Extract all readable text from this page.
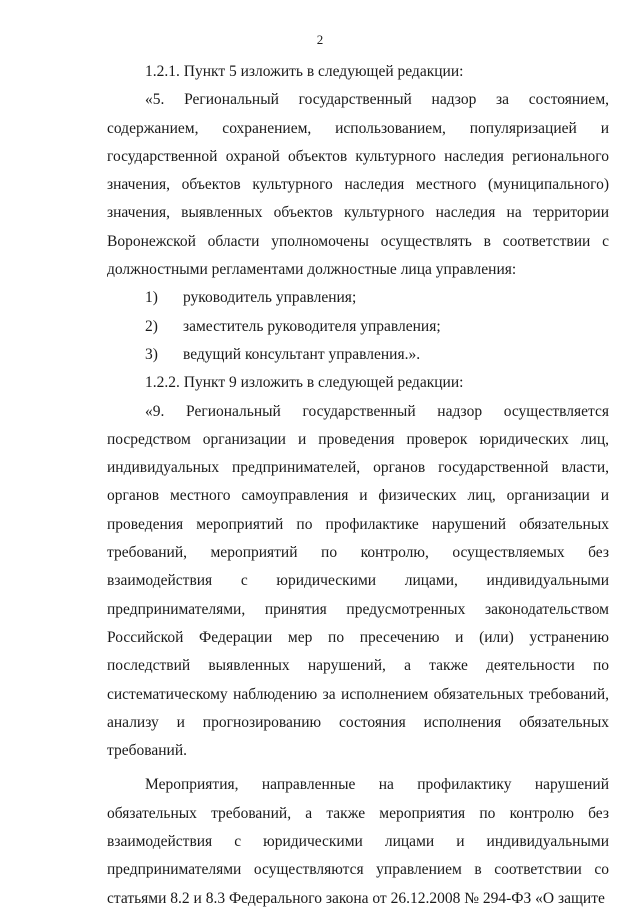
2

1.2.1. Пункт 5 изложить в следующей редакции:

«5. Региональный государственный надзор за состоянием, содержанием, сохранением, использованием, популяризацией и государственной охраной объектов культурного наследия регионального значения, объектов культурного наследия местного (муниципального) значения, выявленных объектов культурного наследия на территории Воронежской области уполномочены осуществлять в соответствии с должностными регламентами должностные лица управления:

1)	руководитель управления;
2)	заместитель руководителя управления;
3)	ведущий консультант управления.».

1.2.2. Пункт 9 изложить в следующей редакции:

«9. Региональный государственный надзор осуществляется посредством организации и проведения проверок юридических лиц, индивидуальных предпринимателей, органов государственной власти, органов местного самоуправления и физических лиц, организации и проведения мероприятий по профилактике нарушений обязательных требований, мероприятий по контролю, осуществляемых без взаимодействия с юридическими лицами, индивидуальными предпринимателями, принятия предусмотренных законодательством Российской Федерации мер по пресечению и (или) устранению последствий выявленных нарушений, а также деятельности по систематическому наблюдению за исполнением обязательных требований, анализу и прогнозированию состояния исполнения обязательных требований.

Мероприятия, направленные на профилактику нарушений обязательных требований, а также мероприятия по контролю без взаимодействия с юридическими лицами и индивидуальными предпринимателями осуществляются управлением в соответствии со статьями 8.2 и 8.3 Федерального закона от 26.12.2008 № 294-ФЗ «О защите
